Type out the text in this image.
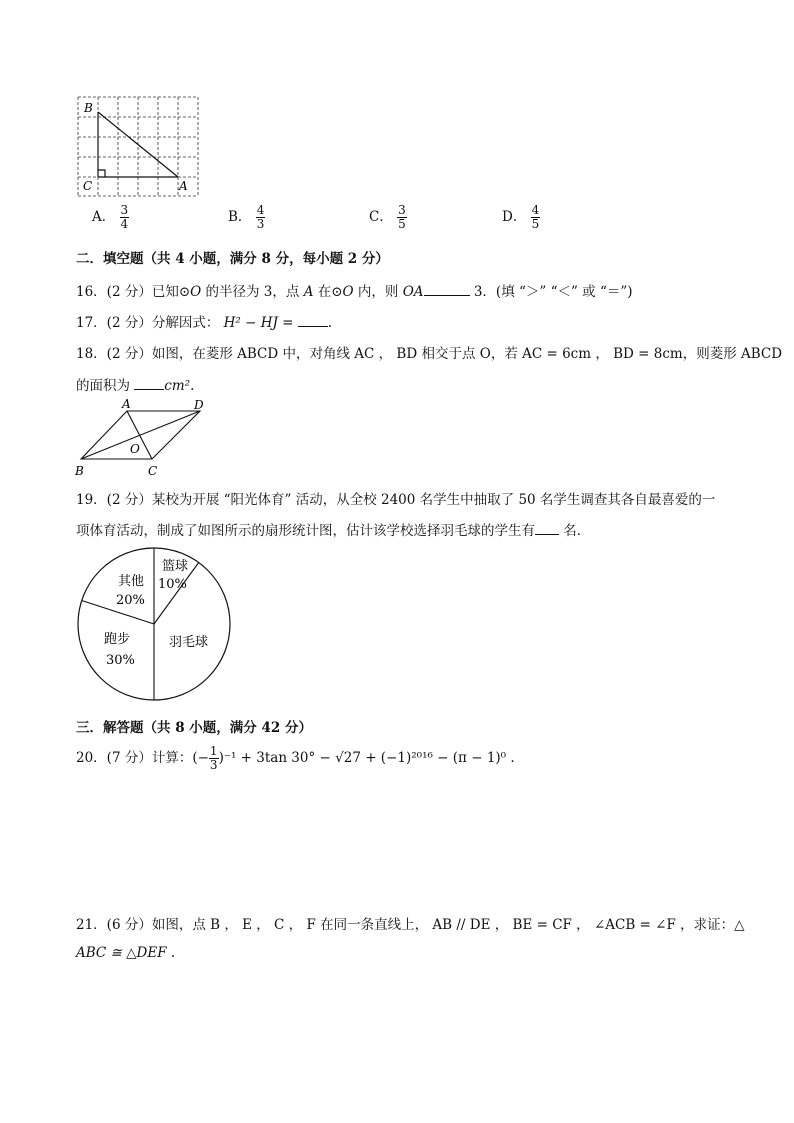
B
C	A
A． $\frac{3}{4}$	B． $\frac{4}{3}$	C． $\frac{3}{5}$	D． $\frac{4}{5}$
二．填空题（共 4 小题，满分 8 分，每小题 2 分）
16．(2 分）已知⊙O 的半径为 3，点 A 在⊙O 内，则 OA	3．(填 “＞” “＜” 或 “＝”)
17．(2 分）分解因式： H² − HJ =	.
18．(2 分）如图，在菱形 ABCD 中，对角线 AC ， BD 相交于点 O，若 AC = 6cm ， BD = 8cm，则菱形 ABCD
的面积为	cm².
A	D
O
B	C
19．(2 分）某校为开展 “阳光体育” 活动，从全校 2400 名学生中抽取了 50 名学生调查其各自最喜爱的一
项体育活动，制成了如图所示的扇形统计图，估计该学校选择羽毛球的学生有 名．
篮球
10%
羽毛球
跑步
30%
其他
20%
三．解答题（共 8 小题，满分 42 分）
20．(7 分）计算：(− $\frac{1}{3} )^{-1} + 3\tan$ 30° − √27 + (−1)²⁰¹⁶ − (π − 1)⁰ .
21．(6 分）如图，点 B ， E ， C ， F 在同一条直线上， AB // DE ， BE = CF ， ∠ACB = ∠F ，求证：△
ABC ≅ △DEF .
